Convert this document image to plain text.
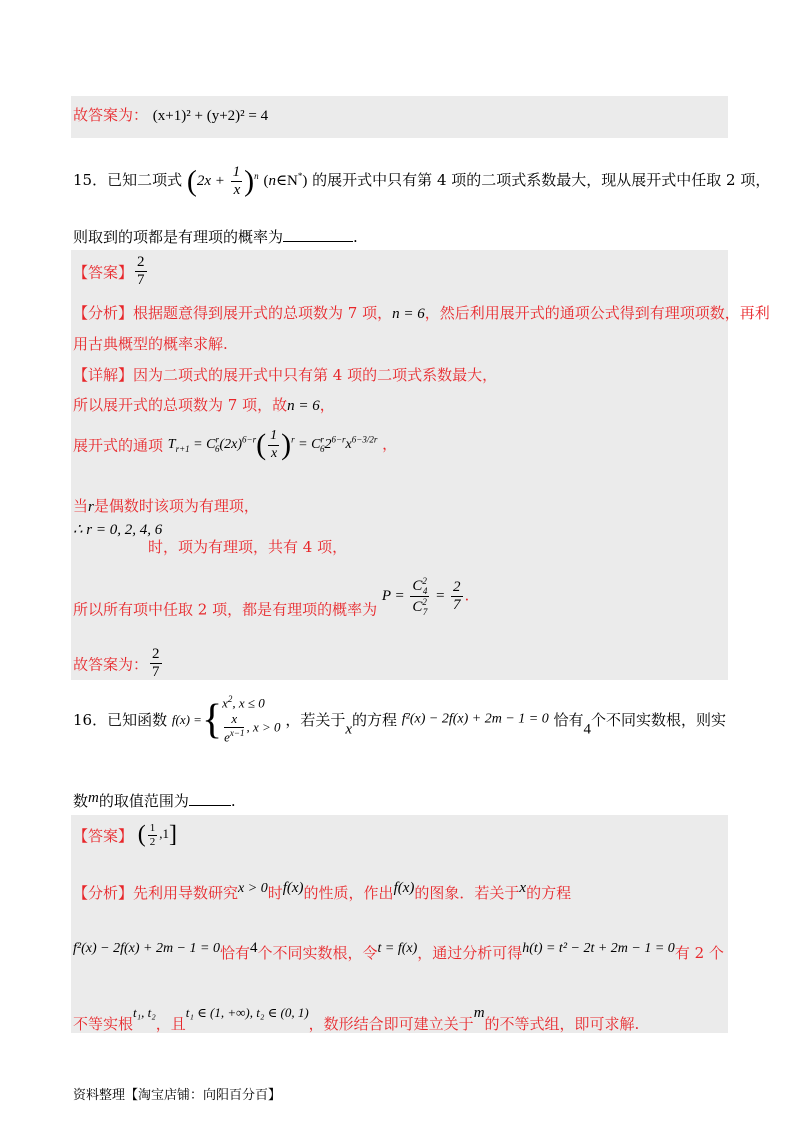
故答案为： (x+1)² + (y+2)² = 4
15．已知二项式 $(2x + \frac{1}{x} )^n$ (n∈N*) 的展开式中只有第 4 项的二项式系数最大，现从展开式中任取 2 项，
则取到的项都是有理项的概率为	.
【答案】 $\frac{2}{7}$
【分析】根据题意得到展开式的总项数为 7 项，n = 6，然后利用展开式的通项公式得到有理项项数，再利
用古典概型的概率求解.
【详解】因为二项式的展开式中只有第 4 项的二项式系数最大，
所以展开式的总项数为 7 项，故n = 6，
展开式的通项 $T_{r+1} = C^r_6(2x)^{6-r}( \frac{1}{x} )^r = C^r_62^{6-r}x^{6-3/2r}$ ，
当r是偶数时该项为有理项，
∴ r = 0, 2, 4, 6
时，项为有理项，共有 4 项，
所以所有项中任取 2 项，都是有理项的概率为 $P = \frac{C^2_4}{C^2_7} = \frac{2}{7}$ .
故答案为： $\frac{2}{7}$
16．已知函数 f(x) ={ $x^2$, x ≤ 0
$\frac{x}{e^{x-1}}$ , x > 0 ，若关于x的方程 f²(x) − 2f(x) + 2m − 1 = 0 恰有4个不同实数根，则实
数m的取值范围为	.
【答案】 ( $\frac{1}{2} ,1$]
【分析】先利用导数研究x > 0时f(x)的性质，作出f(x)的图象．若关于x的方程
f²(x) − 2f(x) + 2m − 1 = 0恰有4个不同实数根，令t = f(x)，通过分析可得h(t) = t² − 2t + 2m − 1 = 0有 2 个
不等实根t₁, t₂，且t₁ ∈ (1, +∞), t₂ ∈ (0, 1)，数形结合即可建立关于m的不等式组，即可求解.
资料整理【淘宝店铺：向阳百分百】
